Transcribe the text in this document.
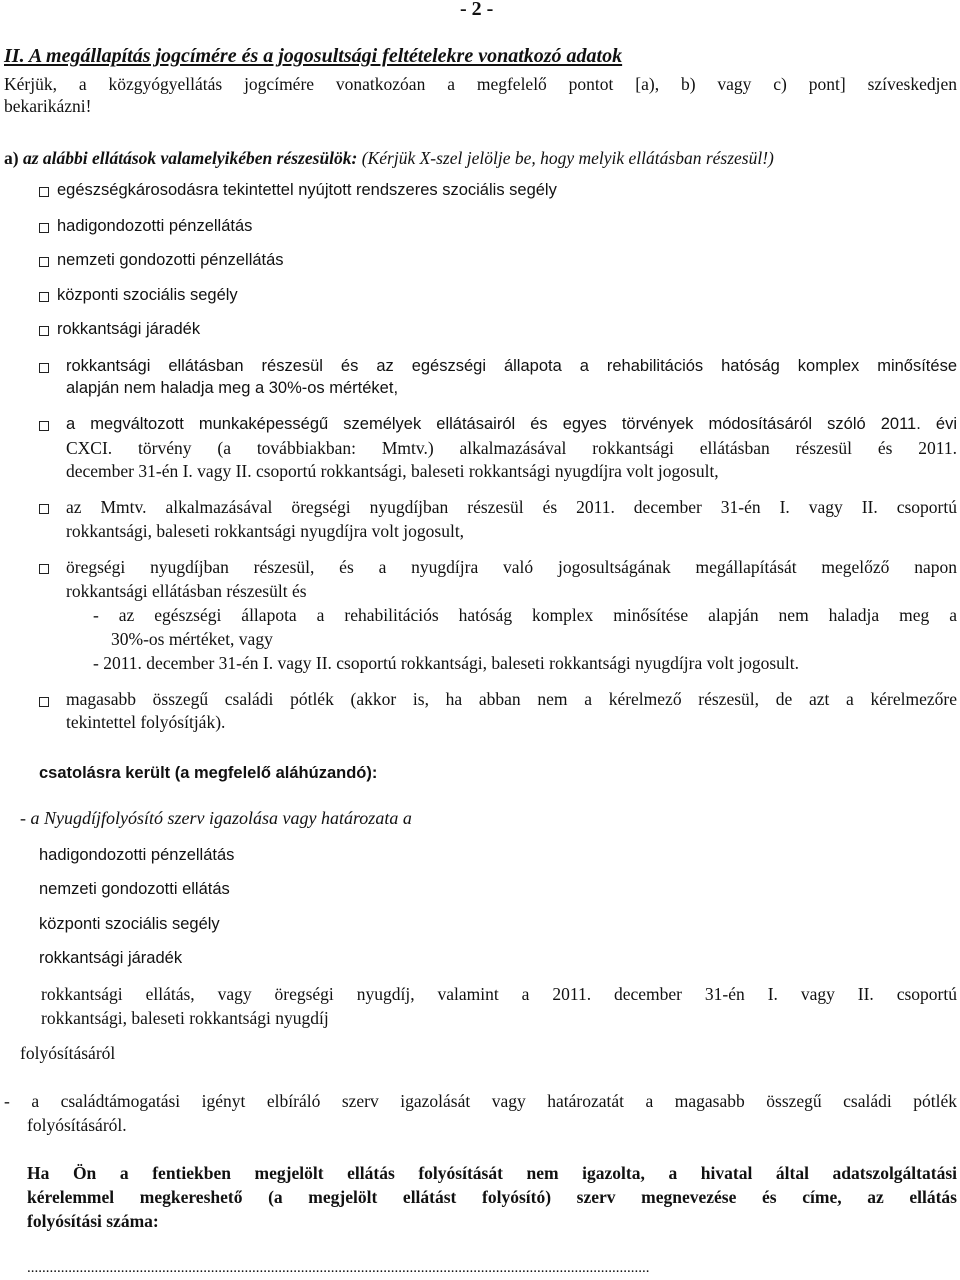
- 2 -
II. A megállapítás jogcímére és a jogosultsági feltételekre vonatkozó adatok
Kérjük, a közgyógyellátás jogcímére vonatkozóan a megfelelő pontot [a), b) vagy c) pont] szíveskedjen
bekarikázni!
a) az alábbi ellátások valamelyikében részesülök: (Kérjük X-szel jelölje be, hogy melyik ellátásban részesül!)
egészségkárosodásra tekintettel nyújtott rendszeres szociális segély
hadigondozotti pénzellátás
nemzeti gondozotti pénzellátás
központi szociális segély
rokkantsági járadék
rokkantsági ellátásban részesül és az egészségi állapota a rehabilitációs hatóság komplex minősítése
alapján nem haladja meg a 30%-os mértéket,
a megváltozott munkaképességű személyek ellátásairól és egyes törvények módosításáról szóló 2011. évi
CXCI. törvény (a továbbiakban: Mmtv.) alkalmazásával rokkantsági ellátásban részesül és 2011.
december 31-én I. vagy II. csoportú rokkantsági, baleseti rokkantsági nyugdíjra volt jogosult,
az Mmtv. alkalmazásával öregségi nyugdíjban részesül és 2011. december 31-én I. vagy II. csoportú
rokkantsági, baleseti rokkantsági nyugdíjra volt jogosult,
öregségi nyugdíjban részesül, és a nyugdíjra való jogosultságának megállapítását megelőző napon
rokkantsági ellátásban részesült és
- az egészségi állapota a rehabilitációs hatóság komplex minősítése alapján nem haladja meg a
30%-os mértéket, vagy
- 2011. december 31-én I. vagy II. csoportú rokkantsági, baleseti rokkantsági nyugdíjra volt jogosult.
magasabb összegű családi pótlék (akkor is, ha abban nem a kérelmező részesül, de azt a kérelmezőre
tekintettel folyósítják).
csatolásra került (a megfelelő aláhúzandó):
- a Nyugdíjfolyósító szerv igazolása vagy határozata a
hadigondozotti pénzellátás
nemzeti gondozotti ellátás
központi szociális segély
rokkantsági járadék
rokkantsági ellátás, vagy öregségi nyugdíj, valamint a 2011. december 31-én I. vagy II. csoportú
rokkantsági, baleseti rokkantsági nyugdíj
folyósításáról
- a családtámogatási igényt elbíráló szerv igazolását vagy határozatát a magasabb összegű családi pótlék
folyósításáról.
Ha Ön a fentiekben megjelölt ellátás folyósítását nem igazolta, a hivatal által adatszolgáltatási
kérelemmel megkereshető (a megjelölt ellátást folyósító) szerv megnevezése és címe, az ellátás
folyósítási száma:
......................................................................................................................................................................
